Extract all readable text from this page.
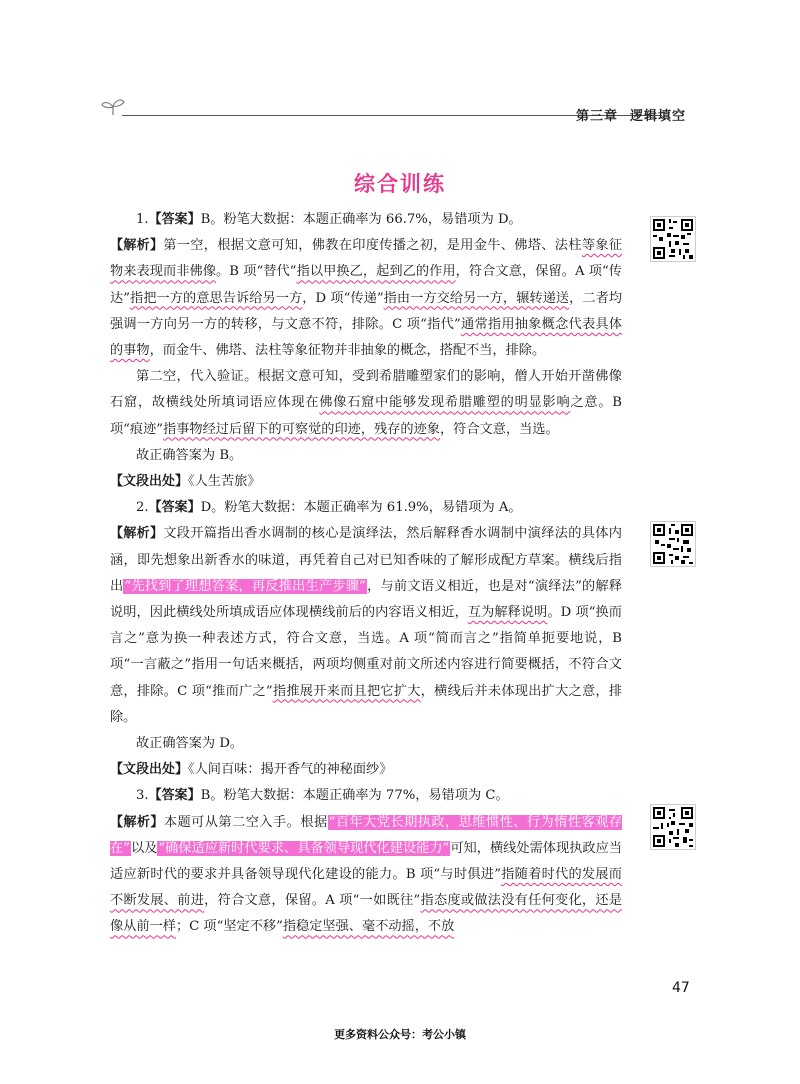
第三章 逻辑填空
综合训练

1.【答案】B。粉笔大数据：本题正确率为 66.7%，易错项为 D。

【解析】第一空，根据文意可知，佛教在印度传播之初，是用金牛、佛塔、法柱等象征物来表现而非佛像。B 项“替代”指以甲换乙，起到乙的作用，符合文意，保留。A 项“传达”指把一方的意思告诉给另一方，D 项“传递”指由一方交给另一方，辗转递送，二者均强调一方向另一方的转移，与文意不符，排除。C 项“指代”通常指用抽象概念代表具体的事物，而金牛、佛塔、法柱等象征物并非抽象的概念，搭配不当，排除。

第二空，代入验证。根据文意可知，受到希腊雕塑家们的影响，僧人开始开凿佛像石窟，故横线处所填词语应体现在佛像石窟中能够发现希腊雕塑的明显影响之意。B 项“痕迹”指事物经过后留下的可察觉的印迹，残存的迹象，符合文意，当选。

故正确答案为 B。

【文段出处】《人生苦旅》

2.【答案】D。粉笔大数据：本题正确率为 61.9%，易错项为 A。

【解析】文段开篇指出香水调制的核心是演绎法，然后解释香水调制中演绎法的具体内涵，即先想象出新香水的味道，再凭着自己对已知香味的了解形成配方草案。横线后指出“先找到了理想答案，再反推出生产步骤”，与前文语义相近，也是对“演绎法”的解释说明，因此横线处所填成语应体现横线前后的内容语义相近，互为解释说明。D 项“换而言之”意为换一种表述方式，符合文意，当选。A 项“简而言之”指简单扼要地说，B 项“一言蔽之”指用一句话来概括，两项均侧重对前文所述内容进行简要概括，不符合文意，排除。C 项“推而广之”指推展开来而且把它扩大，横线后并未体现出扩大之意，排除。

故正确答案为 D。

【文段出处】《人间百味：揭开香气的神秘面纱》

3.【答案】B。粉笔大数据：本题正确率为 77%，易错项为 C。

【解析】本题可从第二空入手。根据“百年大党长期执政，思维惯性、行为惰性客观存在”以及“确保适应新时代要求、具备领导现代化建设能力”可知，横线处需体现执政应当适应新时代的要求并具备领导现代化建设的能力。B 项“与时俱进”指随着时代的发展而不断发展、前进，符合文意，保留。A 项“一如既往”指态度或做法没有任何变化，还是像从前一样；C 项“坚定不移”指稳定坚强、毫不动摇，不放

47
更多资料公众号：考公小镇
